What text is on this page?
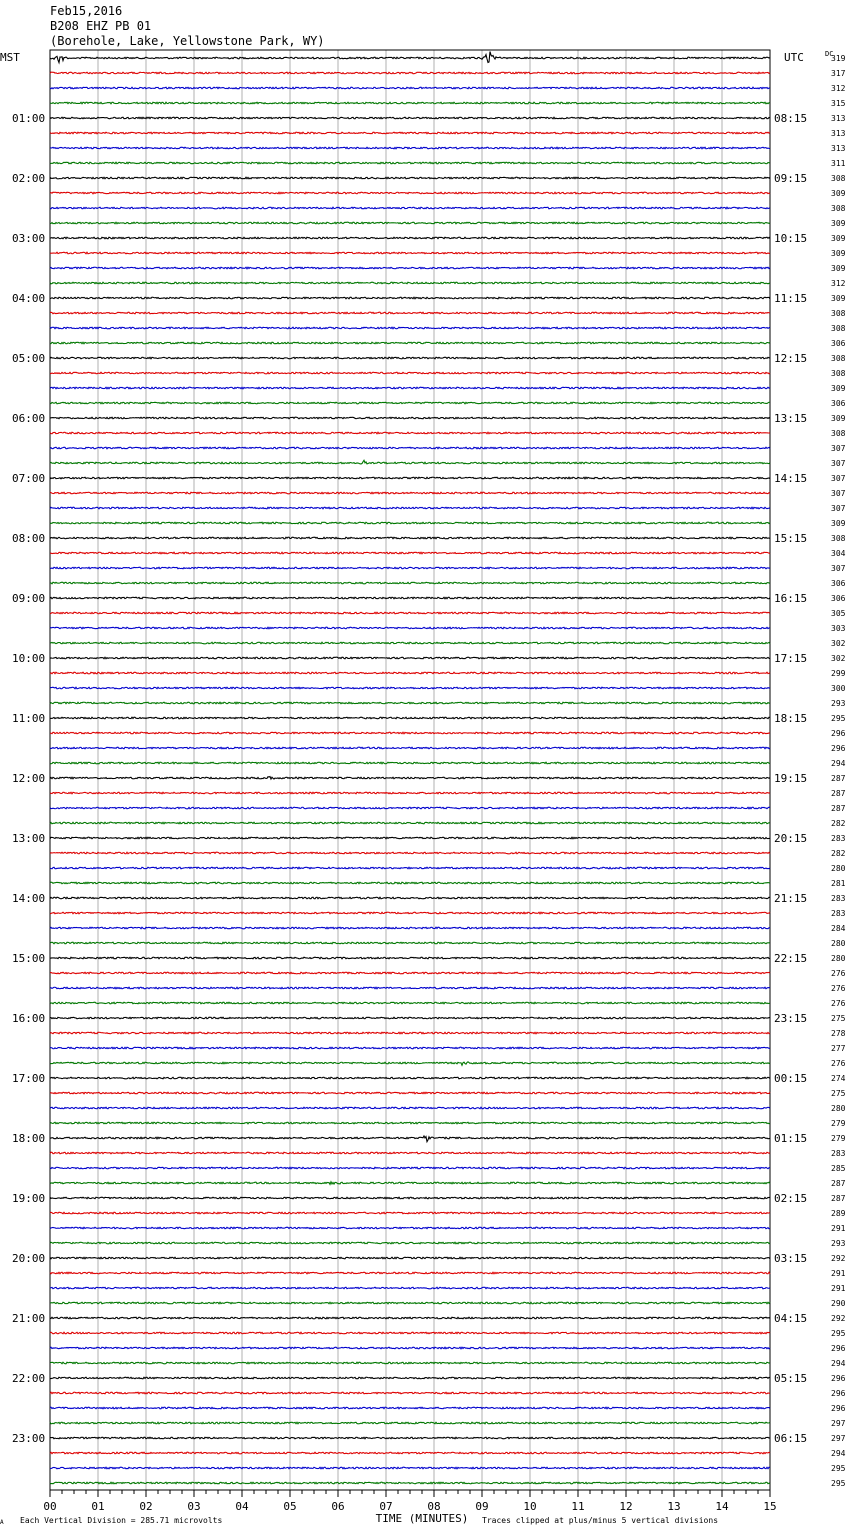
Feb15,2016
B208 EHZ PB 01
(Borehole, Lake, Yellowstone Park, WY)
319
317
312
315
313
313
313
311
308
309
308
309
309
309
309
312
309
308
308
306
308
308
309
306
309
308
307
307
307
307
307
309
308
304
307
306
306
305
303
302
302
299
300
293
295
296
296
294
287
287
287
282
283
282
280
281
283
283
284
280
280
276
276
276
275
278
277
276
274
275
280
279
279
283
285
287
287
289
291
293
292
291
291
290
292
295
296
294
296
296
296
297
297
294
295
295
MST	UTC	DC
01:00
02:00
03:00
04:00
05:00
06:00
07:00
08:00
09:00
10:00
11:00
12:00
13:00
14:00
15:00
16:00
17:00
18:00
19:00
20:00
21:00
22:00
23:00
08:15
09:15
10:15
11:15
12:15
13:15
14:15
15:15
16:15
17:15
18:15
19:15
20:15
21:15
22:15
23:15
00:15
01:15
02:15
03:15
04:15
05:15
06:15
00	01	02	03	04	05	06	07	08	09	10	11	12	13	14	15
A Each Vertical Division = 285.71 microvolts	TIME (MINUTES) Traces clipped at plus/minus 5 vertical divisions
